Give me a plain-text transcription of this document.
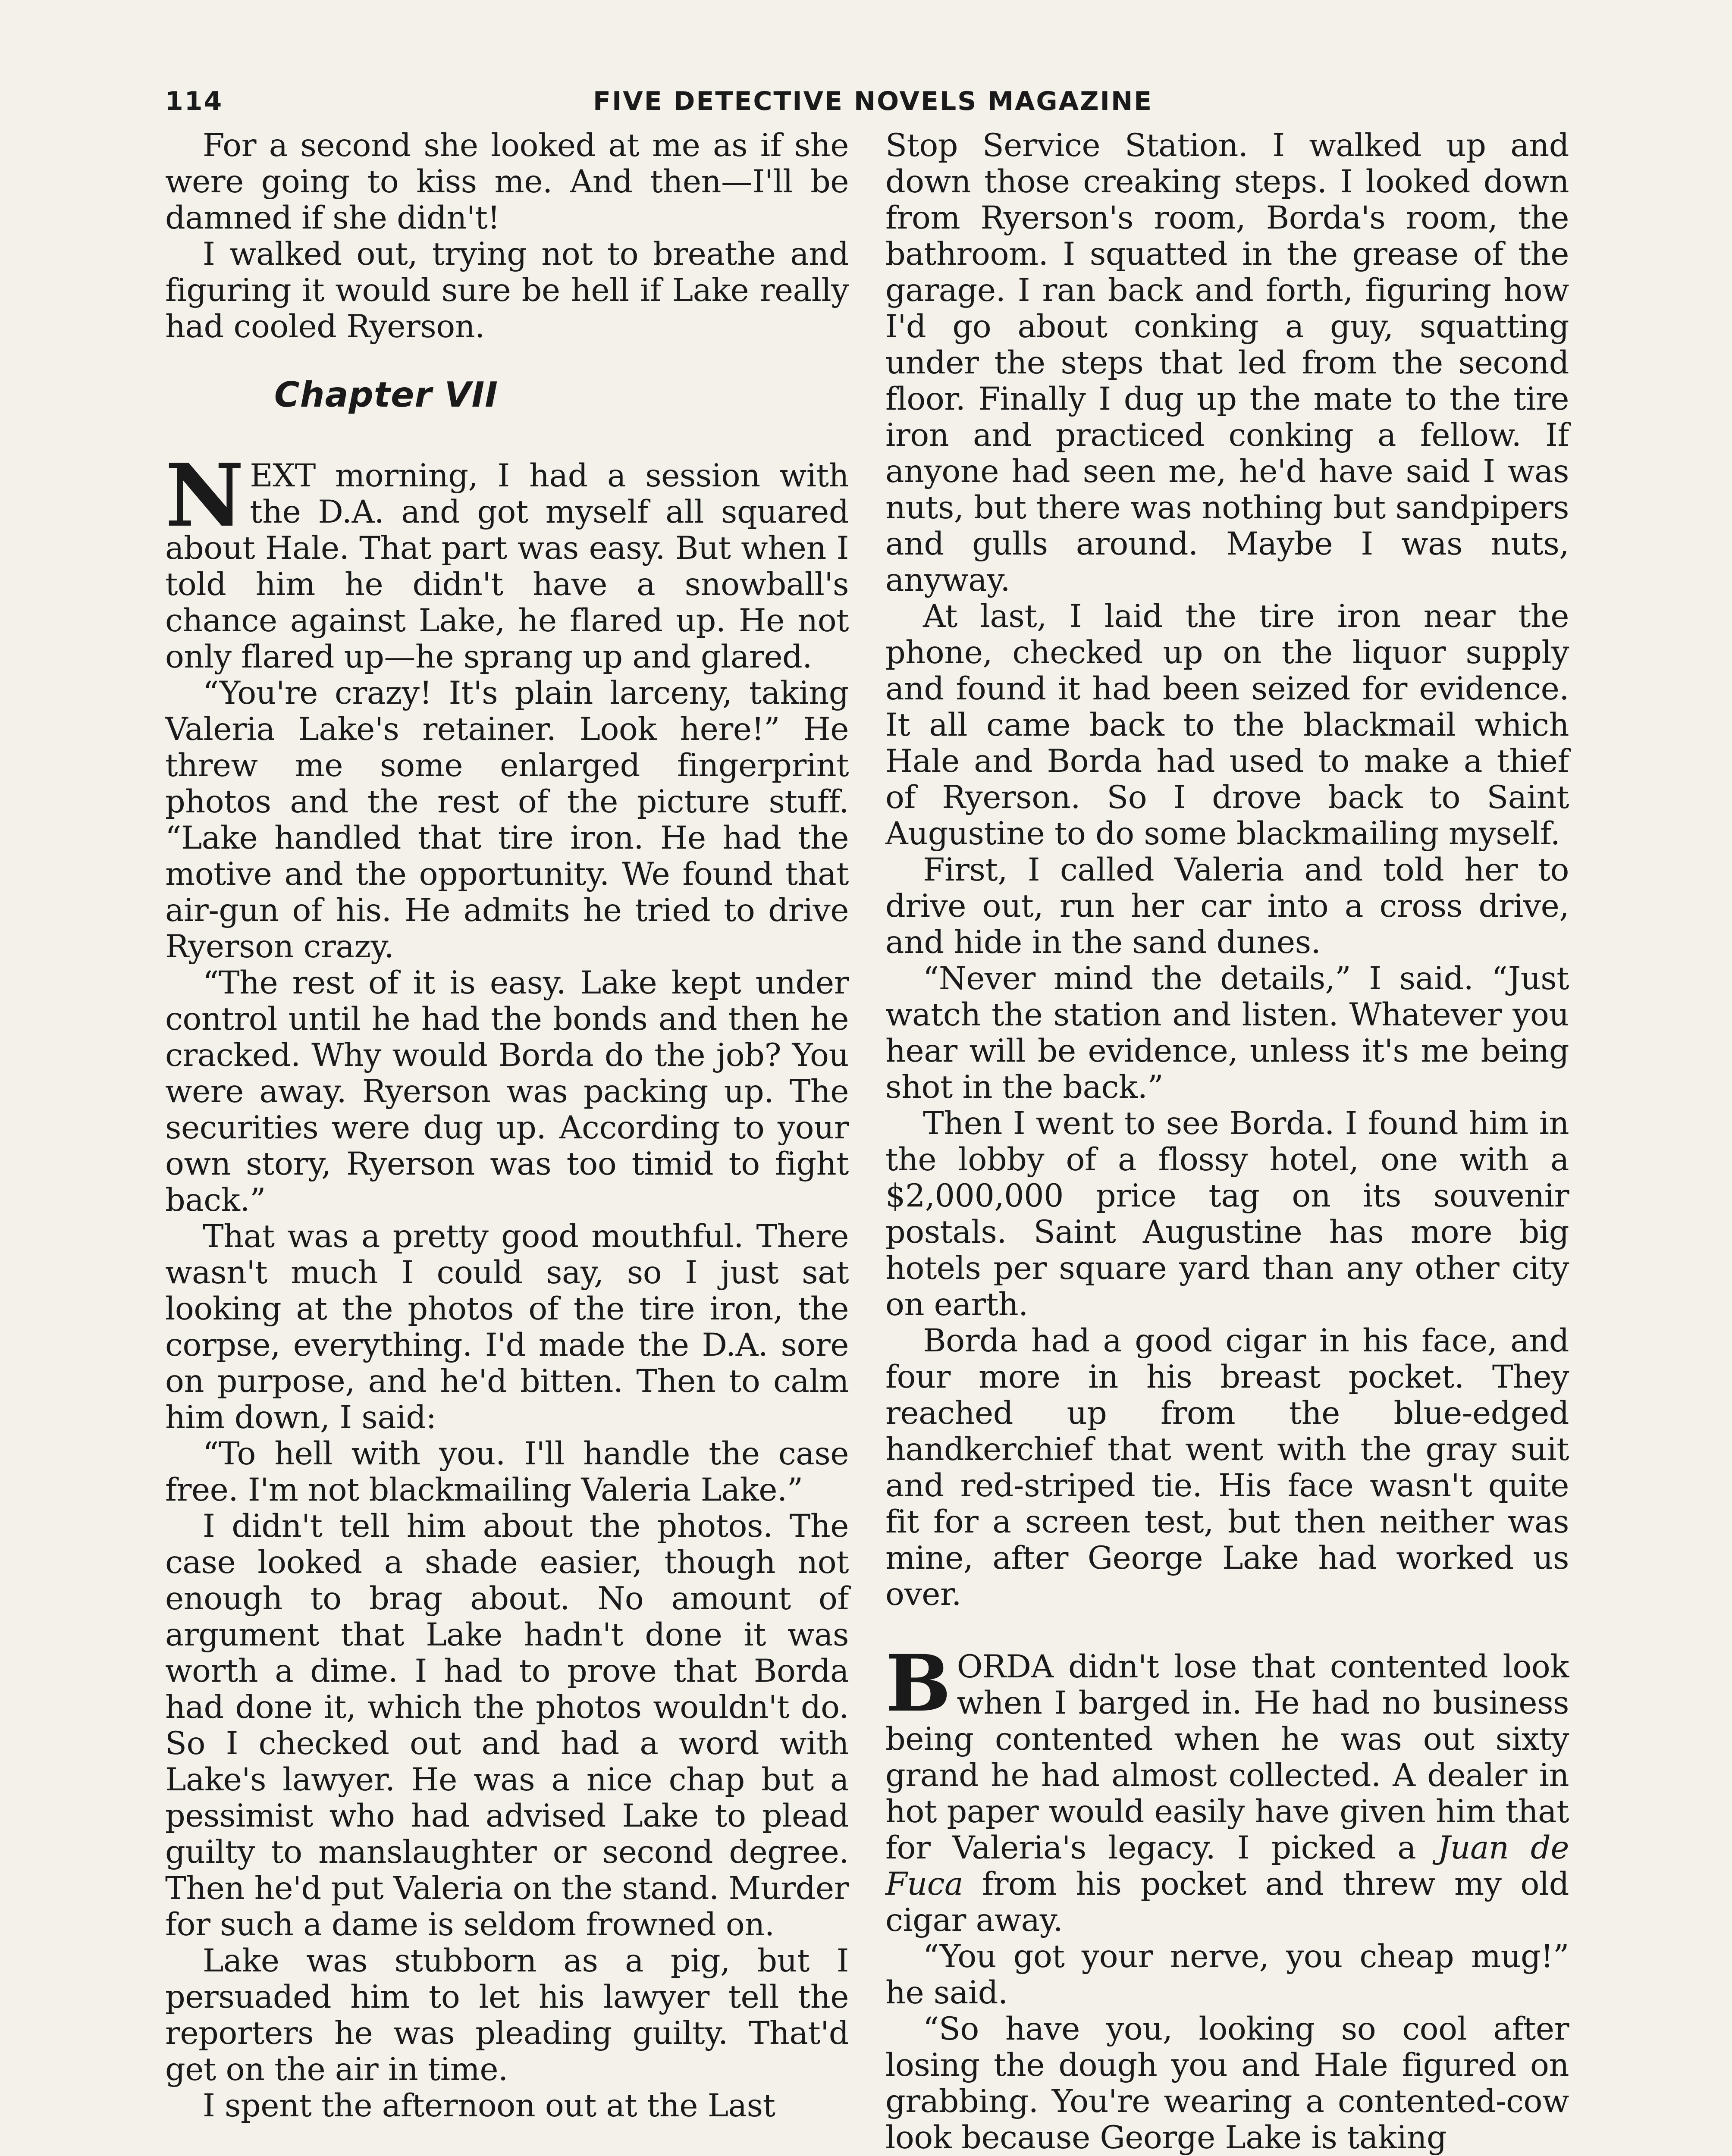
114	FIVE DETECTIVE NOVELS MAGAZINE

For a second she looked at me as if she were going to kiss me. And then—I'll be damned if she didn't!

I walked out, trying not to breathe and figuring it would sure be hell if Lake really had cooled Ryerson.

Chapter VII

NEXT morning, I had a session with the D.A. and got myself all squared about Hale. That part was easy. But when I told him he didn't have a snowball's chance against Lake, he flared up. He not only flared up—he sprang up and glared.

“You're crazy! It's plain larceny, taking Valeria Lake's retainer. Look here!” He threw me some enlarged fingerprint photos and the rest of the picture stuff. “Lake handled that tire iron. He had the motive and the opportunity. We found that air-gun of his. He admits he tried to drive Ryerson crazy.

“The rest of it is easy. Lake kept under control until he had the bonds and then he cracked. Why would Borda do the job? You were away. Ryerson was packing up. The securities were dug up. According to your own story, Ryerson was too timid to fight back.”

That was a pretty good mouthful. There wasn't much I could say, so I just sat looking at the photos of the tire iron, the corpse, everything. I'd made the D.A. sore on purpose, and he'd bitten. Then to calm him down, I said:

“To hell with you. I'll handle the case free. I'm not blackmailing Valeria Lake.”

I didn't tell him about the photos. The case looked a shade easier, though not enough to brag about. No amount of argument that Lake hadn't done it was worth a dime. I had to prove that Borda had done it, which the photos wouldn't do. So I checked out and had a word with Lake's lawyer. He was a nice chap but a pessimist who had advised Lake to plead guilty to manslaughter or second degree. Then he'd put Valeria on the stand. Murder for such a dame is seldom frowned on.

Lake was stubborn as a pig, but I persuaded him to let his lawyer tell the reporters he was pleading guilty. That'd get on the air in time.

I spent the afternoon out at the Last

Stop Service Station. I walked up and down those creaking steps. I looked down from Ryerson's room, Borda's room, the bathroom. I squatted in the grease of the garage. I ran back and forth, figuring how I'd go about conking a guy, squatting under the steps that led from the second floor. Finally I dug up the mate to the tire iron and practiced conking a fellow. If anyone had seen me, he'd have said I was nuts, but there was nothing but sandpipers and gulls around. Maybe I was nuts, anyway.

At last, I laid the tire iron near the phone, checked up on the liquor supply and found it had been seized for evidence. It all came back to the blackmail which Hale and Borda had used to make a thief of Ryerson. So I drove back to Saint Augustine to do some blackmailing myself.

First, I called Valeria and told her to drive out, run her car into a cross drive, and hide in the sand dunes.

“Never mind the details,” I said. “Just watch the station and listen. Whatever you hear will be evidence, unless it's me being shot in the back.”

Then I went to see Borda. I found him in the lobby of a flossy hotel, one with a $2,000,000 price tag on its souvenir postals. Saint Augustine has more big hotels per square yard than any other city on earth.

Borda had a good cigar in his face, and four more in his breast pocket. They reached up from the blue-edged handkerchief that went with the gray suit and red-striped tie. His face wasn't quite fit for a screen test, but then neither was mine, after George Lake had worked us over.

BORDA didn't lose that contented look when I barged in. He had no business being contented when he was out sixty grand he had almost collected. A dealer in hot paper would easily have given him that for Valeria's legacy. I picked a Juan de Fuca from his pocket and threw my old cigar away.

“You got your nerve, you cheap mug!” he said.

“So have you, looking so cool after losing the dough you and Hale figured on grabbing. You're wearing a contented-cow look because George Lake is taking
